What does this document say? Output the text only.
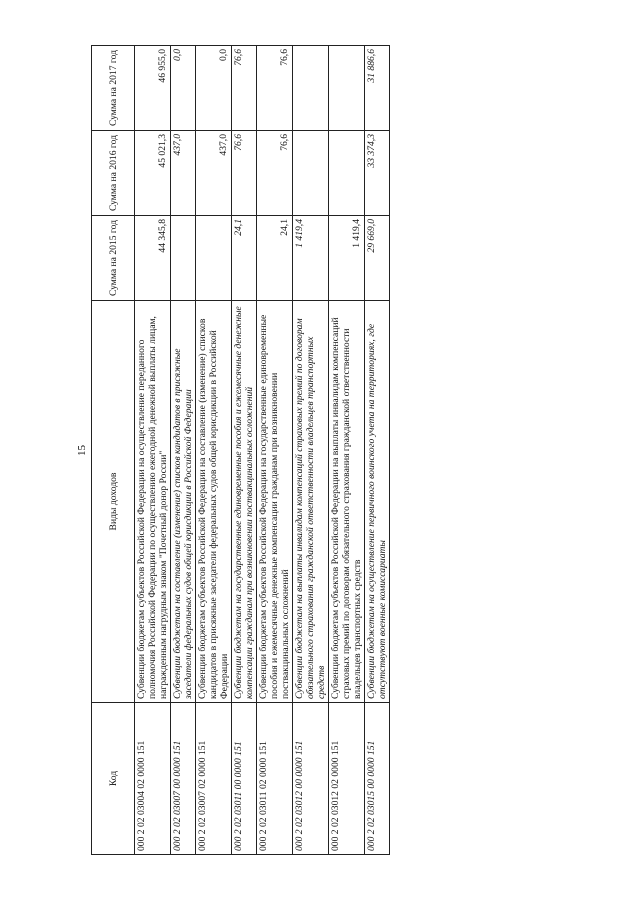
15
Код	Виды доходов	Сумма на 2015 год	Сумма на 2016 год	Сумма на 2017 год
000 2 02 03004 02 0000 151	Субвенции бюджетам субъектов Российской Федерации на осуществление переданного полномочия Российской Федерации по осуществлению ежегодной денежной выплаты лицам, награжденным нагрудным знаком "Почетный донор России"	44 345,8	45 021,3	46 955,0
000 2 02 03007 00 0000 151	Субвенции бюджетам на составление (изменение) списков кандидатов в присяжные заседатели федеральных судов общей юрисдикции в Российской Федерации		437,0	0,0
000 2 02 03007 02 0000 151	Субвенции бюджетам субъектов Российской Федерации на составление (изменение) списков кандидатов в присяжные заседатели федеральных судов общей юрисдикции в Российской Федерации		437,0	0,0
000 2 02 03011 00 0000 151	Субвенции бюджетам на государственные единовременные пособия и ежемесячные денежные компенсации гражданам при возникновении поствакцинальных осложнений	24,1	76,6	76,6
000 2 02 03011 02 0000 151	Субвенции бюджетам субъектов Российской Федерации на государственные единовременные пособия и ежемесячные денежные компенсации гражданам при возникновении поствакцинальных осложнений	24,1	76,6	76,6
000 2 02 03012 00 0000 151	Субвенции бюджетам на выплаты инвалидам компенсаций страховых премий по договорам обязательного страхования гражданской ответственности владельцев транспортных средств	1 419,4		
000 2 02 03012 02 0000 151	Субвенции бюджетам субъектов Российской Федерации на выплаты инвалидам компенсаций страховых премий по договорам обязательного страхования гражданской ответственности владельцев транспортных средств	1 419,4		
000 2 02 03015 00 0000 151	Субвенции бюджетам на осуществление первичного воинского учета на территориях, где отсутствуют военные комиссариаты	29 669,0	33 374,3	31 886,6
